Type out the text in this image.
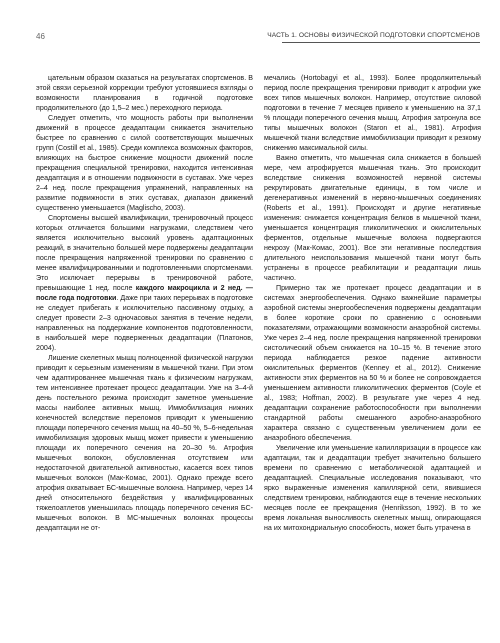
46	ЧАСТЬ 1. ОСНОВЫ ФИЗИЧЕСКОЙ ПОДГОТОВКИ СПОРТСМЕНОВ

цательным образом сказаться на результатах спортсменов. В этой связи серьезной коррекции требуют устоявшиеся взгляды о возможности планирования в годичной подготовке продолжительного (до 1,5–2 мес.) переходного периода.

Следует отметить, что мощность работы при выполнении движений в процессе деадаптации снижается значительно быстрее по сравнению с силой соответствующих мышечных групп (Costill et al., 1985). Среди комплекса возможных факторов, влияющих на быстрое снижение мощности движений после прекращения специальной тренировки, находится интенсивная деадаптация и в отношении подвижности в суставах. Уже через 2–4 нед. после прекращения упражнений, направленных на развитие подвижности в этих суставах, диапазон движений существенно уменьшается (Maglischo, 2003).

Спортсмены высшей квалификации, тренировочный процесс которых отличается большими нагрузками, следствием чего является исключительно высокий уровень адаптационных реакций, в значительно большей мере подвержены деадаптации после прекращения напряженной тренировки по сравнению с менее квалифицированными и подготовленными спортсменами. Это исключает перерывы в тренировочной работе, превышающие 1 нед. после каждого макроцикла и 2 нед. — после года подготовки. Даже при таких перерывах в подготовке не следует прибегать к исключительно пассивному отдыху, а следует провести 2–3 одночасовых занятия в течение недели, направленных на поддержание компонентов подготовленности, в наибольшей мере подверженных деадаптации (Платонов, 2004).

Лишение скелетных мышц полноценной физической нагрузки приводит к серьезным изменениям в мышечной ткани. При этом чем адаптированнее мышечная ткань к физическим нагрузкам, тем интенсивнее протекает процесс деадаптации. Уже на 3–4-й день постельного режима происходит заметное уменьшение массы наиболее активных мышц. Иммобилизация нижних конечностей вследствие переломов приводит к уменьшению площади поперечного сечения мышц на 40–50 %, 5–6-недельная иммобилизация здоровых мышц может привести к уменьшению площади их поперечного сечения на 20–30 %. Атрофия мышечных волокон, обусловленная отсутствием или недостаточной двигательной активностью, касается всех типов мышечных волокон (Мак-Комас, 2001). Однако прежде всего атрофия охватывает БС-мышечные волокна. Например, через 14 дней относительного бездействия у квалифицированных тяжелоатлетов уменьшилась площадь поперечного сечения БС-мышечных волокон. В МС-мышечных волокнах процессы деадаптации не от-

мечались (Hortobagyi et al., 1993). Более продолжительный период после прекращения тренировки приводит к атрофии уже всех типов мышечных волокон. Например, отсутствие силовой подготовки в течение 7 месяцев привело к уменьшению на 37,1 % площади поперечного сечения мышц. Атрофия затронула все типы мышечных волокон (Staron et al., 1981). Атрофия мышечной ткани вследствие иммобилизации приводит к резкому снижению максимальной силы.

Важно отметить, что мышечная сила снижается в большей мере, чем атрофируется мышечная ткань. Это происходит вследствие снижения возможностей нервной системы рекрутировать двигательные единицы, в том числе и дегенеративных изменений в нервно-мышечных соединениях (Roberts et al., 1991). Происходят и другие негативные изменения: снижается концентрация белков в мышечной ткани, уменьшается концентрация гликолитических и окислительных ферментов, отдельные мышечные волокна подвергаются некрозу (Мак-Комас, 2001). Все эти негативные последствия длительного неиспользования мышечной ткани могут быть устранены в процессе реабилитации и реадаптации лишь частично.

Примерно так же протекает процесс деадаптации и в системах энергообеспечения. Однако важнейшие параметры аэробной системы энергообеспечения подвержены деадаптации в более короткие сроки по сравнению с основными показателями, отражающими возможности анаэробной системы. Уже через 2–4 нед. после прекращения напряженной тренировки систолический объем снижается на 10–15 %. В течение этого периода наблюдается резкое падение активности окислительных ферментов (Kenney et al., 2012). Снижение активности этих ферментов на 50 % и более не сопровождается уменьшением активности гликолитических ферментов (Coyle et al., 1983; Hoffman, 2002). В результате уже через 4 нед. деадаптации сохранение работоспособности при выполнении стандартной работы смешанного аэробно-анаэробного характера связано с существенным увеличением доли ее анаэробного обеспечения.

Увеличение или уменьшение капилляризации в процессе как адаптации, так и деадаптации требует значительно большего времени по сравнению с метаболической адаптацией и деадаптацией. Специальные исследования показывают, что ярко выраженные изменения капиллярной сети, явившиеся следствием тренировки, наблюдаются еще в течение нескольких месяцев после ее прекращения (Henriksson, 1992). В то же время локальная выносливость скелетных мышц, опирающаяся на их митохондриальную способность, может быть утрачена в
